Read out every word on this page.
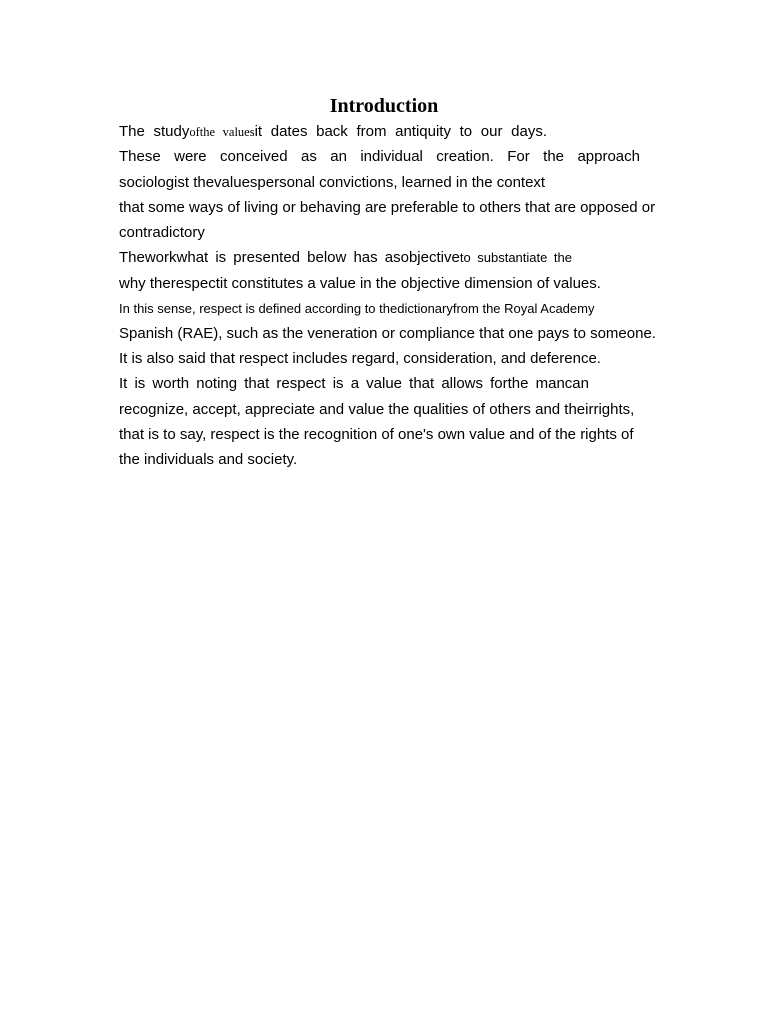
Introduction

The studyofthe valuesit dates back from antiquity to our days.

These were conceived as an individual creation. For the approach

sociologist thevaluespersonal convictions, learned in the context

that some ways of living or behaving are preferable to others that are opposed or

contradictory

Theworkwhat is presented below has asobjectiveto substantiate the

why therespectit constitutes a value in the objective dimension of values.

In this sense, respect is defined according to thedictionaryfrom the Royal Academy

Spanish (RAE), such as the veneration or compliance that one pays to someone.

It is also said that respect includes regard, consideration, and deference.

It is worth noting that respect is a value that allows forthe mancan

recognize, accept, appreciate and value the qualities of others and theirrights,

that is to say, respect is the recognition of one's own value and of the rights of

the individuals and society.
